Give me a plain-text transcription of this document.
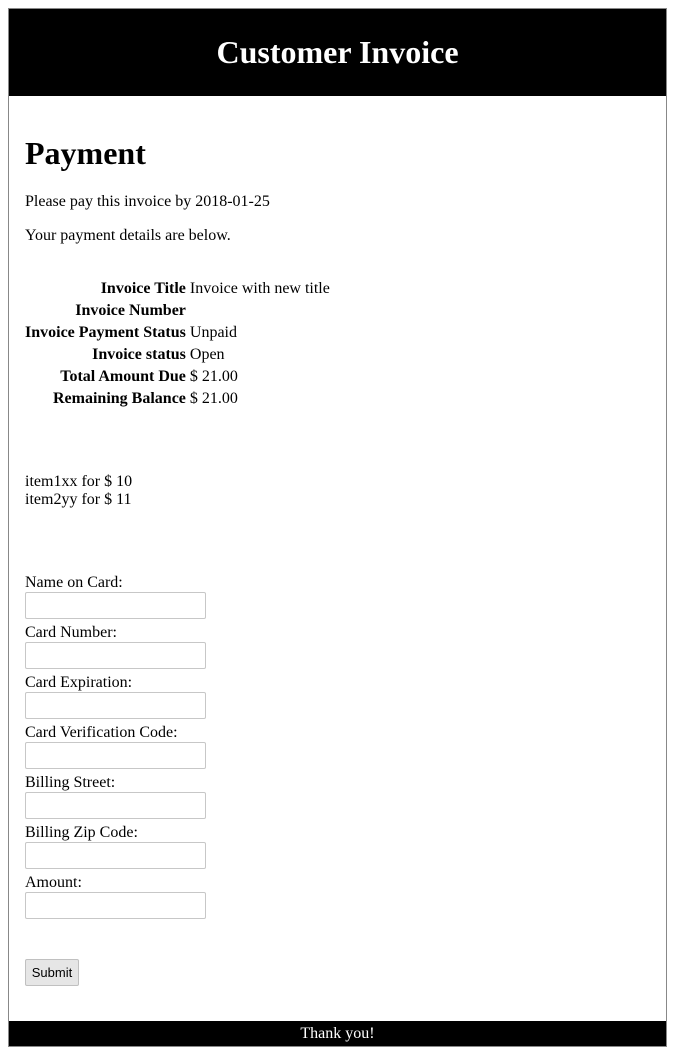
Customer Invoice
Payment
Please pay this invoice by 2018-01-25
Your payment details are below.
Invoice Title	Invoice with new title
Invoice Number	
Invoice Payment Status	Unpaid
Invoice status	Open
Total Amount Due	$ 21.00
Remaining Balance	$ 21.00
item1xx for $ 10
item2yy for $ 11
Name on Card:
Card Number:
Card Expiration:
Card Verification Code:
Billing Street:
Billing Zip Code:
Amount:
Submit
Thank you!
